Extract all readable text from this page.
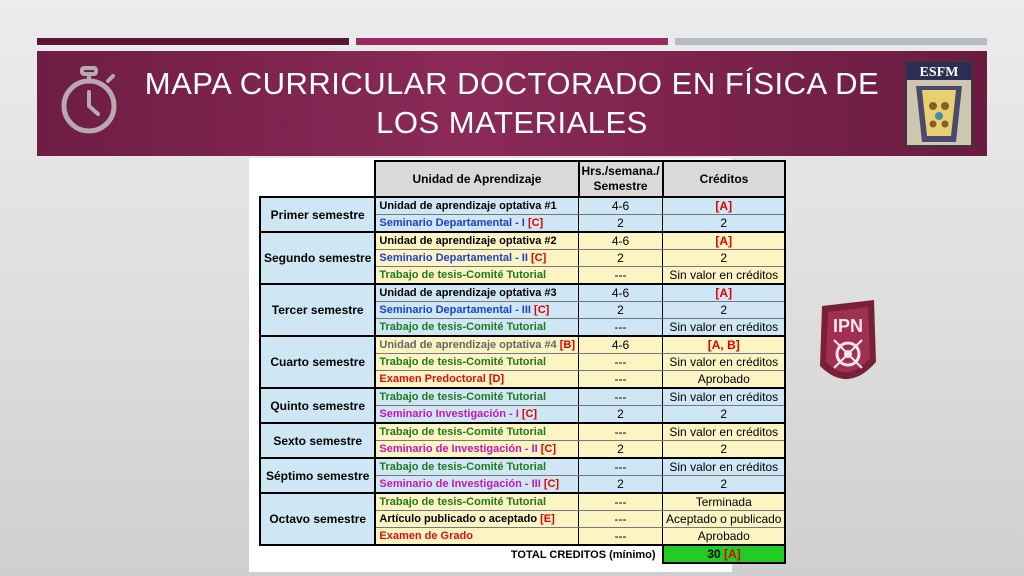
MAPA CURRICULAR DOCTORADO EN FÍSICA DE LOS MATERIALES
ESFM
IPN
	Unidad de Aprendizaje	Hrs./semana./ Semestre	Créditos
Primer semestre	Unidad de aprendizaje optativa #1	4-6	[A]
	Seminario Departamental - I [C]	2	2
Segundo semestre	Unidad de aprendizaje optativa #2	4-6	[A]
	Seminario Departamental - II [C]	2	2
	Trabajo de tesis-Comité Tutorial	---	Sin valor en créditos
Tercer semestre	Unidad de aprendizaje optativa #3	4-6	[A]
	Seminario Departamental - III [C]	2	2
	Trabajo de tesis-Comité Tutorial	---	Sin valor en créditos
Cuarto semestre	Unidad de aprendizaje optativa #4 [B]	4-6	[A, B]
	Trabajo de tesis-Comité Tutorial	---	Sin valor en créditos
	Examen Predoctoral [D]	---	Aprobado
Quinto semestre	Trabajo de tesis-Comité Tutorial	---	Sin valor en créditos
	Seminario Investigación - I [C]	2	2
Sexto semestre	Trabajo de tesis-Comité Tutorial	---	Sin valor en créditos
	Seminario de Investigación - II [C]	2	2
Séptimo semestre	Trabajo de tesis-Comité Tutorial	---	Sin valor en créditos
	Seminario de Investigación - III [C]	2	2
Octavo semestre	Trabajo de tesis-Comité Tutorial	---	Terminada
	Artículo publicado o aceptado [E]	---	Aceptado o publicado
	Examen de Grado	---	Aprobado
	TOTAL CREDITOS (mínimo)		30 [A]
